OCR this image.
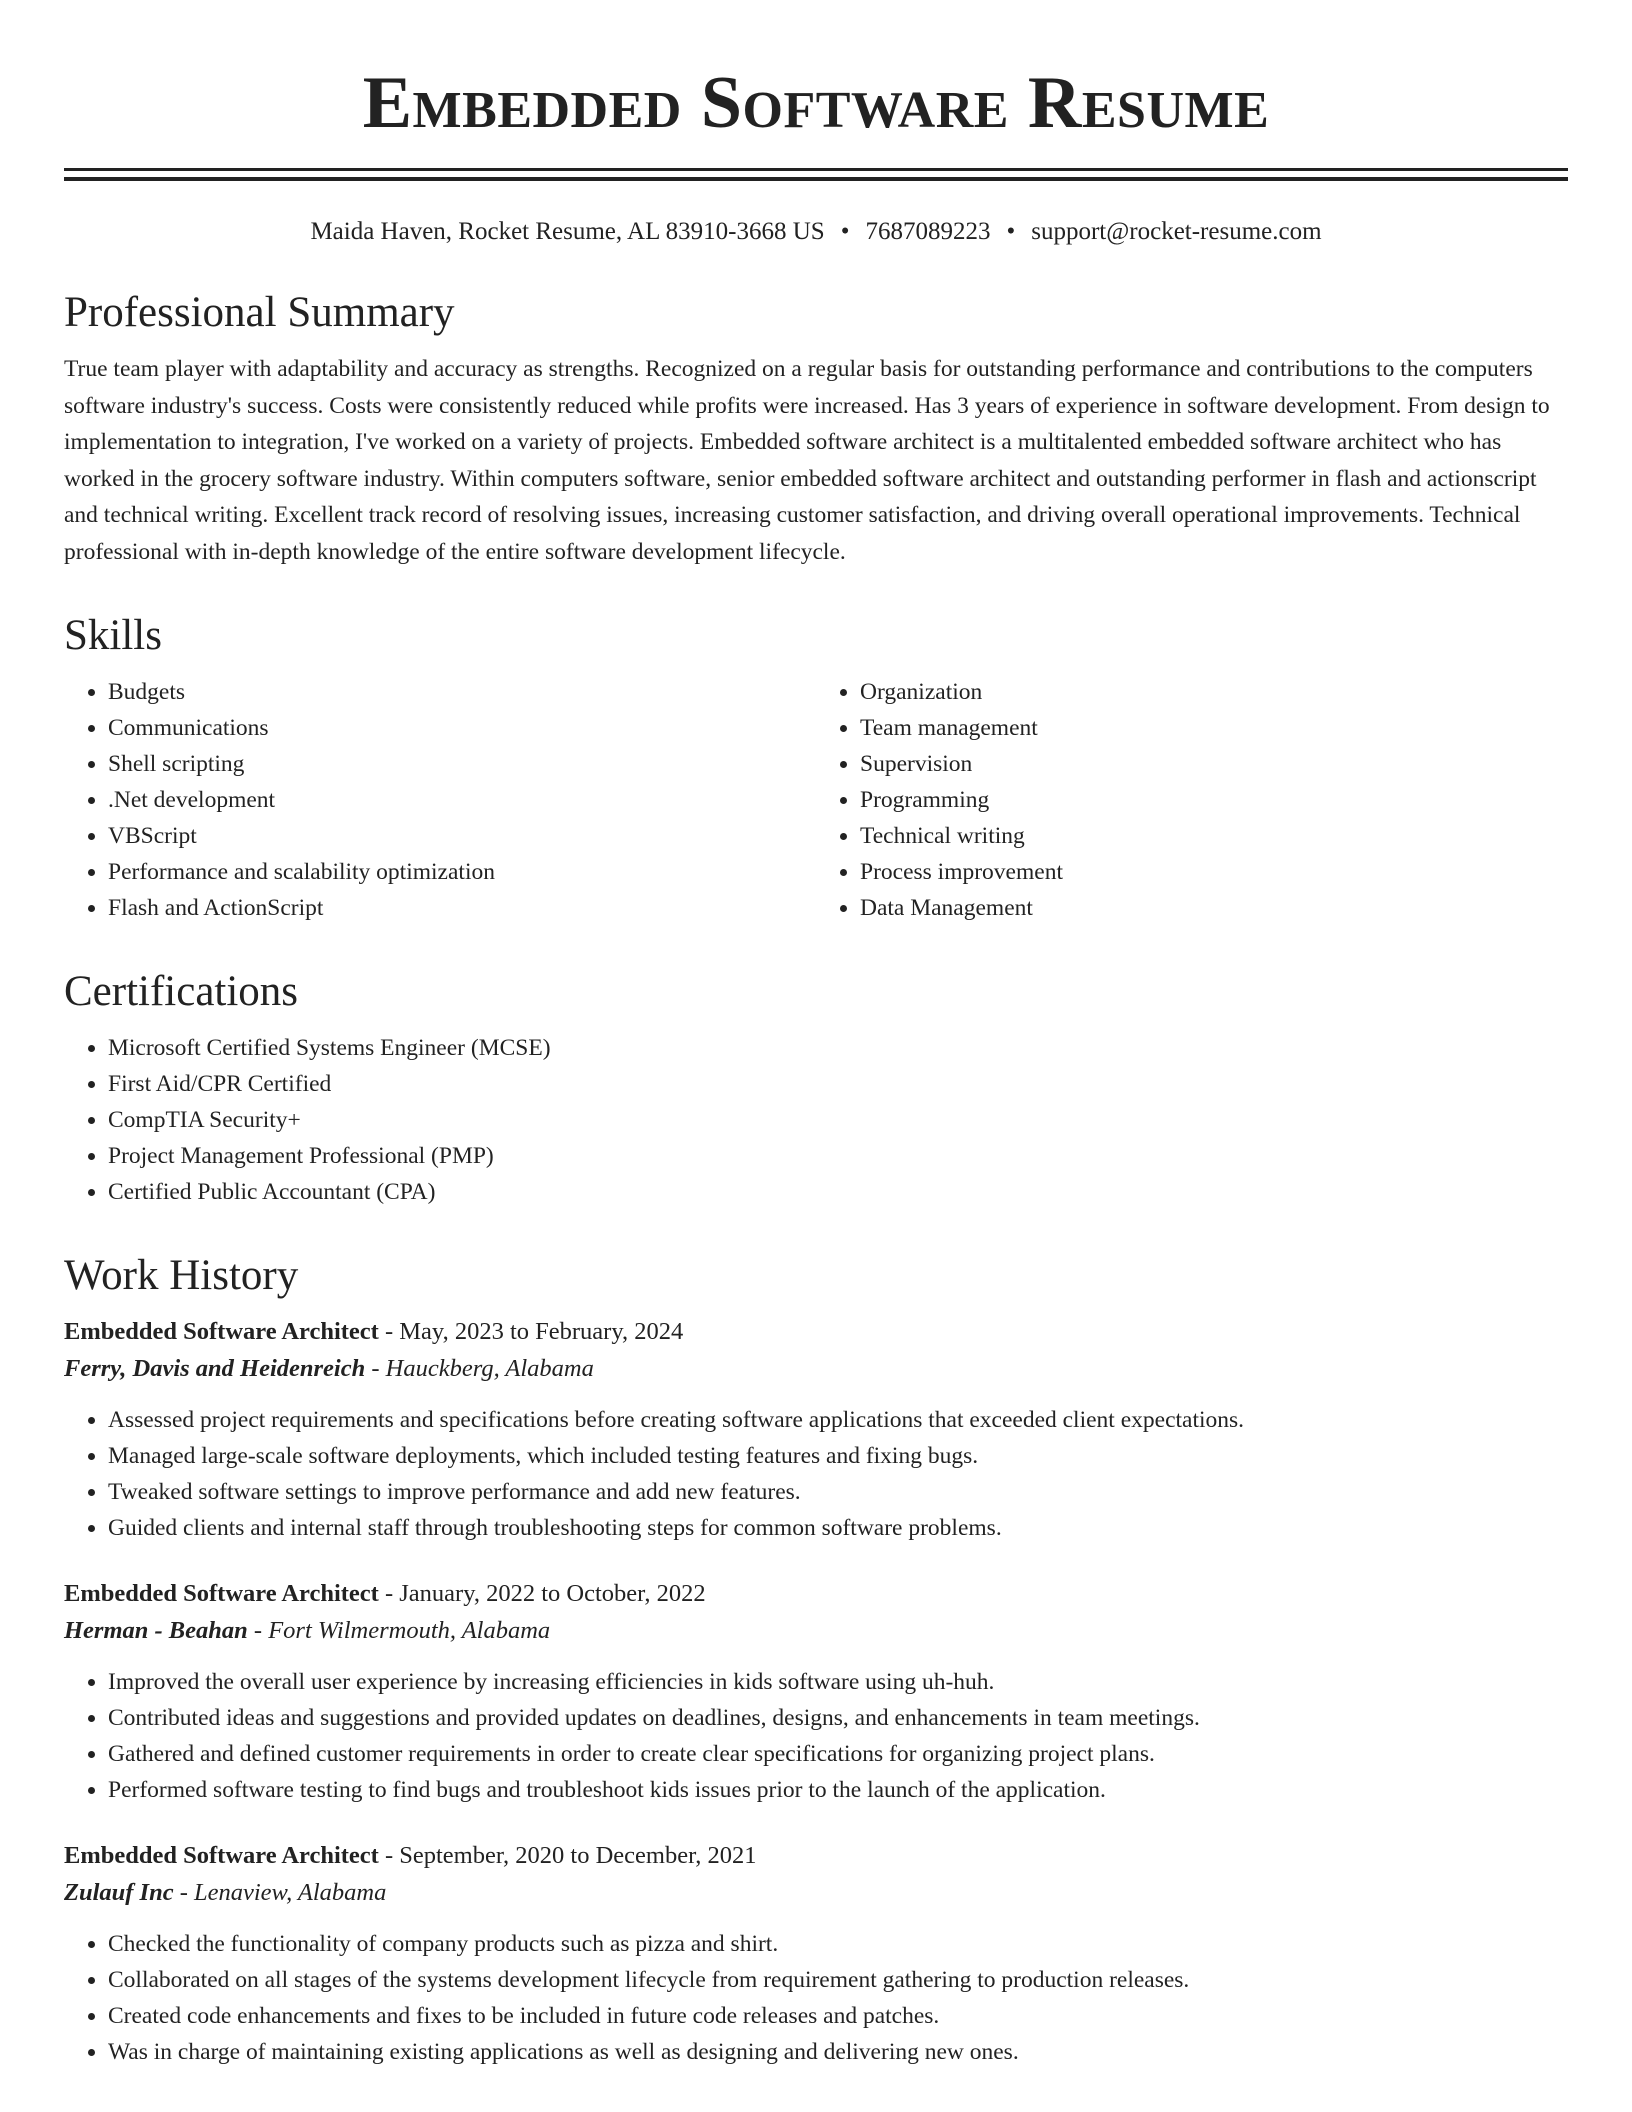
Embedded Software Resume
Maida Haven, Rocket Resume, AL 83910-3668 US • 7687089223 • support@rocket-resume.com
Professional Summary

True team player with adaptability and accuracy as strengths. Recognized on a regular basis for outstanding performance and contributions to the computers software industry's success. Costs were consistently reduced while profits were increased. Has 3 years of experience in software development. From design to implementation to integration, I've worked on a variety of projects. Embedded software architect is a multitalented embedded software architect who has worked in the grocery software industry. Within computers software, senior embedded software architect and outstanding performer in flash and actionscript and technical writing. Excellent track record of resolving issues, increasing customer satisfaction, and driving overall operational improvements. Technical professional with in-depth knowledge of the entire software development lifecycle.

Skills
• Budgets
• Communications
• Shell scripting
• .Net development
• VBScript
• Performance and scalability optimization
• Flash and ActionScript
• Organization
• Team management
• Supervision
• Programming
• Technical writing
• Process improvement
• Data Management
Certifications
• Microsoft Certified Systems Engineer (MCSE)
• First Aid/CPR Certified
• CompTIA Security+
• Project Management Professional (PMP)
• Certified Public Accountant (CPA)
Work History
Embedded Software Architect - May, 2023 to February, 2024
Ferry, Davis and Heidenreich - Hauckberg, Alabama
• Assessed project requirements and specifications before creating software applications that exceeded client expectations.
• Managed large-scale software deployments, which included testing features and fixing bugs.
• Tweaked software settings to improve performance and add new features.
• Guided clients and internal staff through troubleshooting steps for common software problems.
Embedded Software Architect - January, 2022 to October, 2022
Herman - Beahan - Fort Wilmermouth, Alabama
• Improved the overall user experience by increasing efficiencies in kids software using uh-huh.
• Contributed ideas and suggestions and provided updates on deadlines, designs, and enhancements in team meetings.
• Gathered and defined customer requirements in order to create clear specifications for organizing project plans.
• Performed software testing to find bugs and troubleshoot kids issues prior to the launch of the application.
Embedded Software Architect - September, 2020 to December, 2021
Zulauf Inc - Lenaview, Alabama
• Checked the functionality of company products such as pizza and shirt.
• Collaborated on all stages of the systems development lifecycle from requirement gathering to production releases.
• Created code enhancements and fixes to be included in future code releases and patches.
• Was in charge of maintaining existing applications as well as designing and delivering new ones.
